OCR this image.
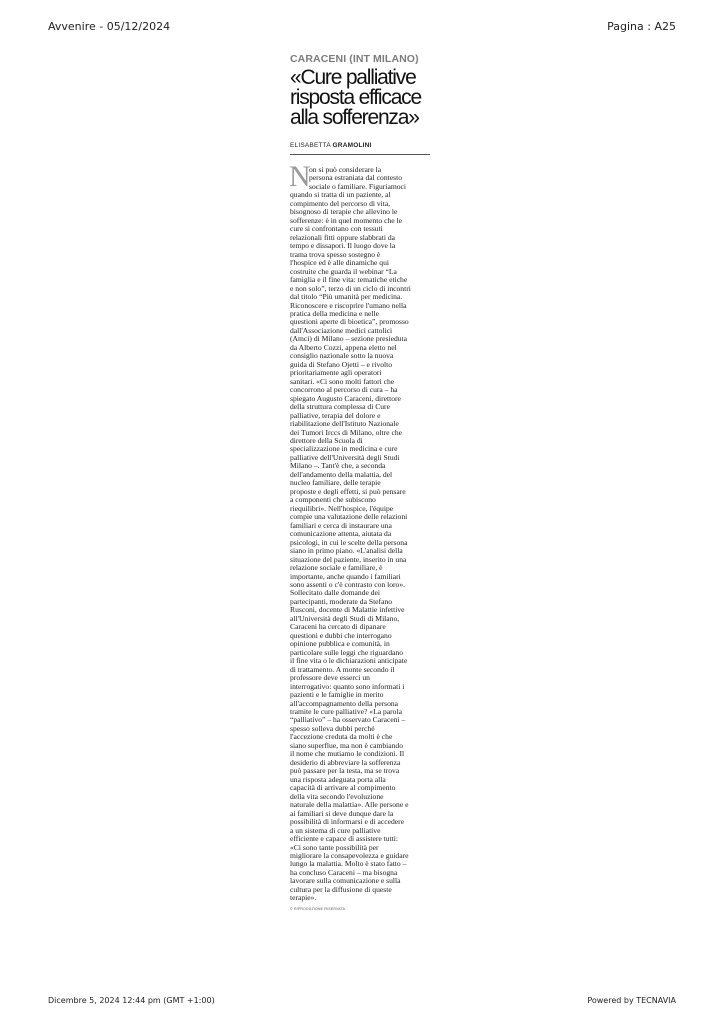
Avvenire - 05/12/2024	Pagina : A25
CARACENI (INT MILANO)
«Cure palliative
risposta efficace
alla sofferenza»
ELISABETTA GRAMOLINI
N
on si può considerare la
persona estraniata dal contesto
sociale o familiare. Figuriamoci
quando si tratta di un paziente, al
compimento del percorso di vita,
bisognoso di terapie che allevino le
sofferenze: è in quel momento che le
cure si confrontano con tessuti
relazionali fitti oppure slabbrati da
tempo e dissapori. Il luogo dove la
trama trova spesso sostegno è
l'hospice ed è alle dinamiche qui
costruite che guarda il webinar “La
famiglia e il fine vita: tematiche etiche
e non solo”, terzo di un ciclo di incontri
dal titolo “Più umanità per medicina.
Riconoscere e riscoprire l'umano nella
pratica della medicina e nelle
questioni aperte di bioetica”, promosso
dall'Associazione medici cattolici
(Amci) di Milano – sezione presieduta
da Alberto Cozzi, appena eletto nel
consiglio nazionale sotto la nuova
guida di Stefano Ojetti – e rivolto
prioritariamente agli operatori
sanitari. «Ci sono molti fattori che
concorrono al percorso di cura – ha
spiegato Augusto Caraceni, direttore
della struttura complessa di Cure
palliative, terapia del dolore e
riabilitazione dell'Istituto Nazionale
dei Tumori Irccs di Milano, oltre che
direttore della Scuola di
specializzazione in medicina e cure
palliative dell'Università degli Studi
Milano –. Tant'è che, a seconda
dell'andamento della malattia, del
nucleo familiare, delle terapie
proposte e degli effetti, si può pensare
a componenti che subiscono
riequilibri». Nell'hospice, l'équipe
compie una valutazione delle relazioni
familiari e cerca di instaurare una
comunicazione attenta, aiutata da
psicologi, in cui le scelte della persona
siano in primo piano. «L'analisi della
situazione del paziente, inserito in una
relazione sociale e familiare, è
importante, anche quando i familiari
sono assenti o c'è contrasto con loro».
Sollecitato dalle domande dei
partecipanti, moderate da Stefano
Rusconi, docente di Malattie infettive
all'Università degli Studi di Milano,
Caraceni ha cercato di dipanare
questioni e dubbi che interrogano
opinione pubblica e comunità, in
particolare sulle leggi che riguardano
il fine vita o le dichiarazioni anticipate
di trattamento. A monte secondo il
professore deve esserci un
interrogativo: quanto sono informati i
pazienti e le famiglie in merito
all'accompagnamento della persona
tramite le cure palliative? «La parola
“palliativo” – ha osservato Caraceni –
spesso solleva dubbi perché
l'accezione creduta da molti è che
siano superflue, ma non è cambiando
il nome che mutiamo le condizioni. Il
desiderio di abbreviare la sofferenza
può passare per la testa, ma se trova
una risposta adeguata porta alla
capacità di arrivare al compimento
della vita secondo l'evoluzione
naturale della malattia». Alle persone e
ai familiari si deve dunque dare la
possibilità di informarsi e di accedere
a un sistema di cure palliative
efficiente e capace di assistere tutti:
«Ci sono tante possibilità per
migliorare la consapevolezza e guidare
lungo la malattia. Molto è stato fatto –
ha concluso Caraceni – ma bisogna
lavorare sulla comunicazione e sulla
cultura per la diffusione di queste
terapie».
© RIPRODUZIONE RISERVATA
Dicembre 5, 2024 12:44 pm (GMT +1:00)	Powered by TECNAVIA
